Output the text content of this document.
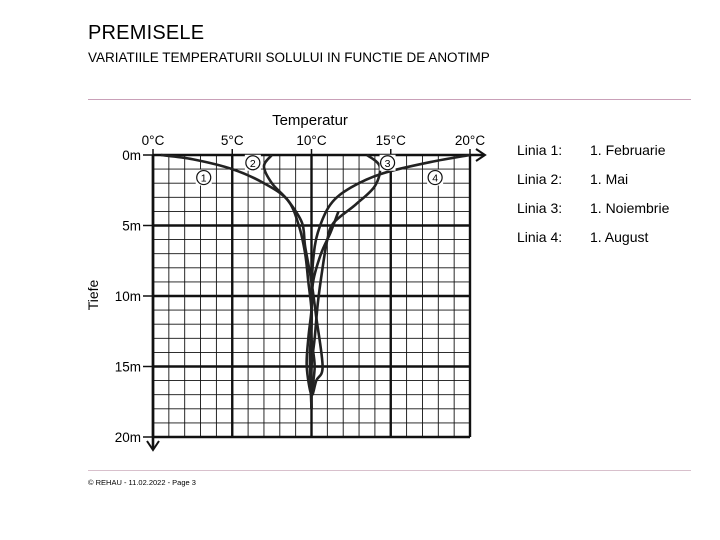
PREMISELE
VARIATIILE TEMPERATURII SOLULUI IN FUNCTIE DE ANOTIMP
0°C	5°C	10°C	15°C	20°C
0m
5m
10m
15m
20m
1
2	3
4
Temperatur
Tiefe
Linia 1:	1. Februarie
Linia 2:	1. Mai
Linia 3:	1. Noiembrie
Linia 4:	1. August
© REHAU - 11.02.2022 - Page 3
